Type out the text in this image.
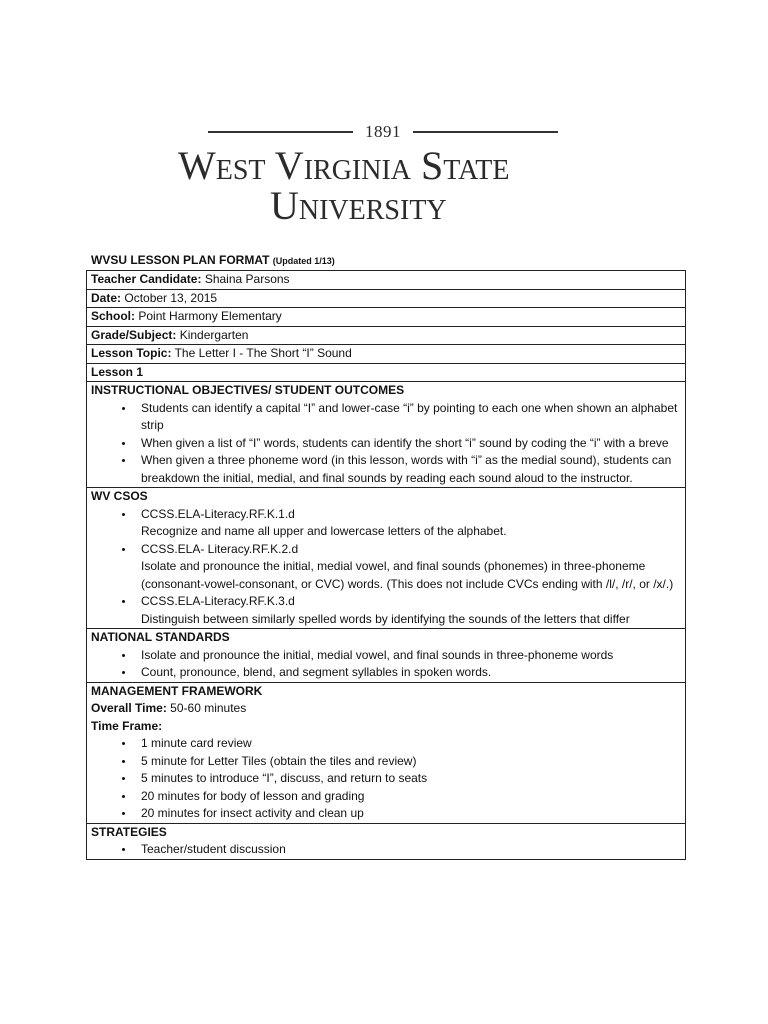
1891
West Virginia State
University
WVSU LESSON PLAN FORMAT (Updated 1/13)
Teacher Candidate: Shaina Parsons
Date: October 13, 2015
School: Point Harmony Elementary
Grade/Subject: Kindergarten
Lesson Topic: The Letter I - The Short “I” Sound
Lesson 1

INSTRUCTIONAL OBJECTIVES/ STUDENT OUTCOMES
• Students can identify a capital “I” and lower-case “i” by pointing to each one when shown an alphabet strip
• When given a list of “I” words, students can identify the short “i” sound by coding the “i” with a breve
• When given a three phoneme word (in this lesson, words with “i” as the medial sound), students can breakdown the initial, medial, and final sounds by reading each sound aloud to the instructor.

WV CSOS
• CCSS.ELA-Literacy.RF.K.1.d
Recognize and name all upper and lowercase letters of the alphabet.
• CCSS.ELA- Literacy.RF.K.2.d
Isolate and pronounce the initial, medial vowel, and final sounds (phonemes) in three-phoneme (consonant-vowel-consonant, or CVC) words. (This does not include CVCs ending with /l/, /r/, or /x/.)
• CCSS.ELA-Literacy.RF.K.3.d
Distinguish between similarly spelled words by identifying the sounds of the letters that differ

NATIONAL STANDARDS
• Isolate and pronounce the initial, medial vowel, and final sounds in three-phoneme words
• Count, pronounce, blend, and segment syllables in spoken words.

MANAGEMENT FRAMEWORK
Overall Time: 50-60 minutes
Time Frame:
• 1 minute card review
• 5 minute for Letter Tiles (obtain the tiles and review)
• 5 minutes to introduce “I”, discuss, and return to seats
• 20 minutes for body of lesson and grading
• 20 minutes for insect activity and clean up

STRATEGIES
• Teacher/student discussion
